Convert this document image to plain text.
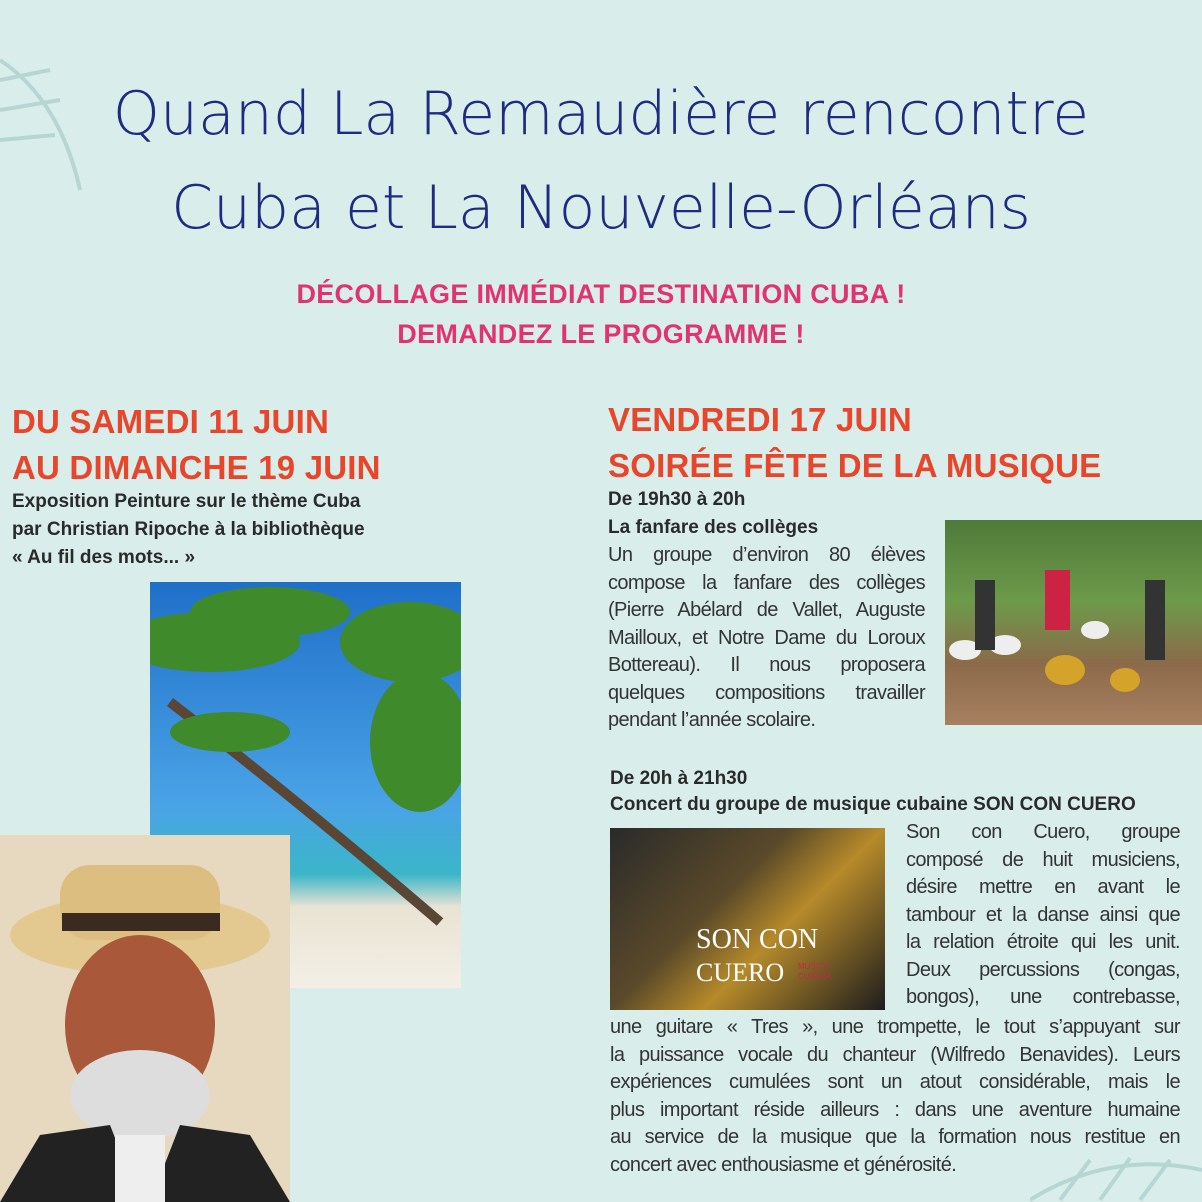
Quand La Remaudière rencontre
Cuba et La Nouvelle-Orléans
DÉCOLLAGE IMMÉDIAT DESTINATION CUBA !
DEMANDEZ LE PROGRAMME !
DU SAMEDI 11 JUIN
AU DIMANCHE 19 JUIN
Exposition Peinture sur le thème Cuba
par Christian Ripoche à la bibliothèque
« Au fil des mots... »
VENDREDI 17 JUIN
SOIRÉE FÊTE DE LA MUSIQUE
De 19h30 à 20h
La fanfare des collèges
Un groupe d’environ 80 élèves
compose la fanfare des collèges
(Pierre Abélard de Vallet, Auguste
Mailloux, et Notre Dame du Loroux
Bottereau). Il nous proposera
quelques compositions travailler
pendant l’année scolaire.
De 20h à 21h30
Concert du groupe de musique cubaine SON CON CUERO
SON CON
CUERO MUSICA CUBANA
Son con Cuero, groupe
composé de huit musiciens,
désire mettre en avant le
tambour et la danse ainsi que
la relation étroite qui les unit.
Deux percussions (congas,
bongos), une contrebasse,
une guitare « Tres », une trompette, le tout s’appuyant sur
la puissance vocale du chanteur (Wilfredo Benavides). Leurs
expériences cumulées sont un atout considérable, mais le
plus important réside ailleurs : dans une aventure humaine
au service de la musique que la formation nous restitue en
concert avec enthousiasme et générosité.
